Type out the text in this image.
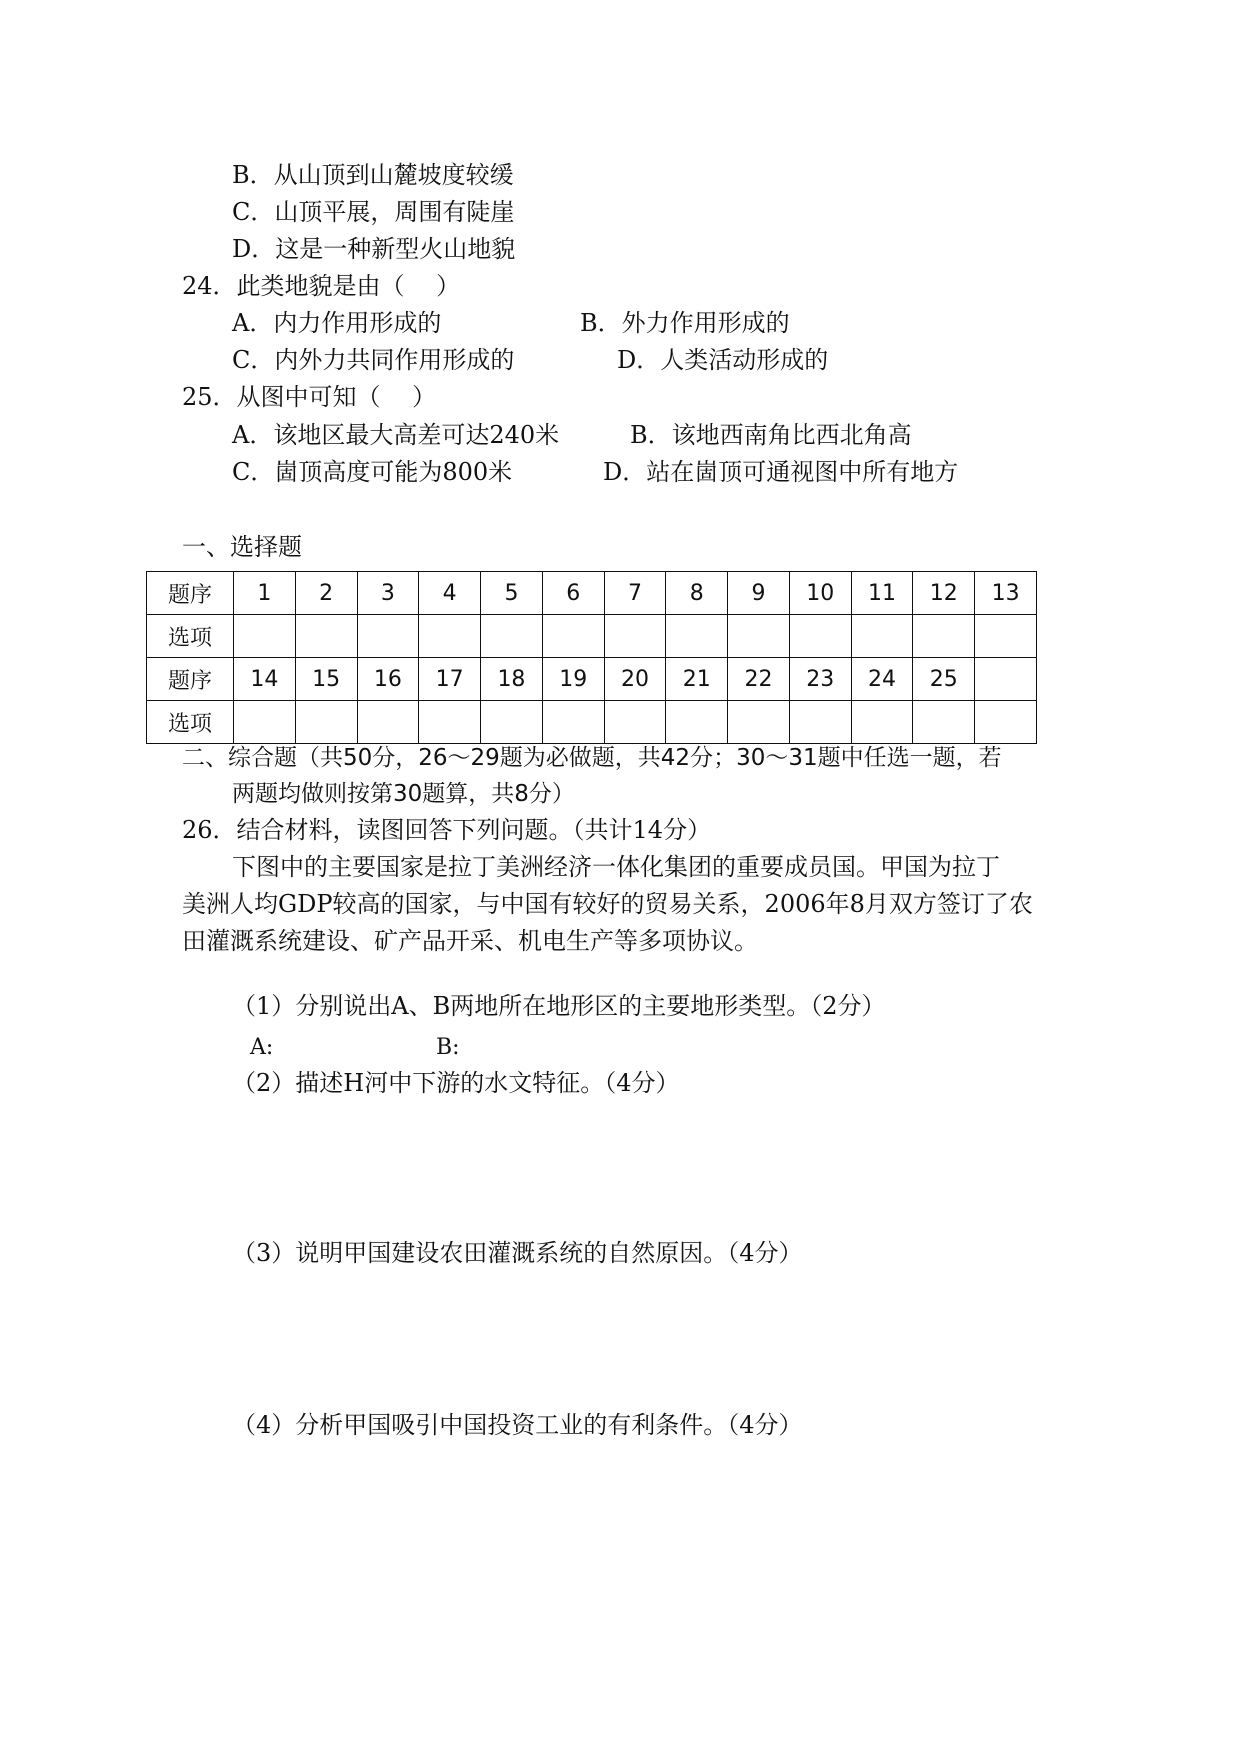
B．从山顶到山麓坡度较缓
C．山顶平展，周围有陡崖
D．这是一种新型火山地貌
24．此类地貌是由（　 ）
A．内力作用形成的	B．外力作用形成的
C．内外力共同作用形成的	D．人类活动形成的
25．从图中可知（　 ）
A．该地区最大高差可达240米	B．该地西南角比西北角高
C．崮顶高度可能为800米	D．站在崮顶可通视图中所有地方
一、选择题
题序	1	2	3	4	5	6	7	8	9	10	11	12	13
选项													
题序	14	15	16	17	18	19	20	21	22	23	24	25	
选项													
二、综合题（共50分，26～29题为必做题，共42分；30～31题中任选一题，若
两题均做则按第30题算，共8分）
26．结合材料，读图回答下列问题。（共计14分）
下图中的主要国家是拉丁美洲经济一体化集团的重要成员国。甲国为拉丁
美洲人均GDP较高的国家，与中国有较好的贸易关系，2006年8月双方签订了农
田灌溉系统建设、矿产品开采、机电生产等多项协议。
（1）分别说出A、B两地所在地形区的主要地形类型。（2分）
A:	B:
（2）描述H河中下游的水文特征。（4分）
（3）说明甲国建设农田灌溉系统的自然原因。（4分）
（4）分析甲国吸引中国投资工业的有利条件。（4分）
